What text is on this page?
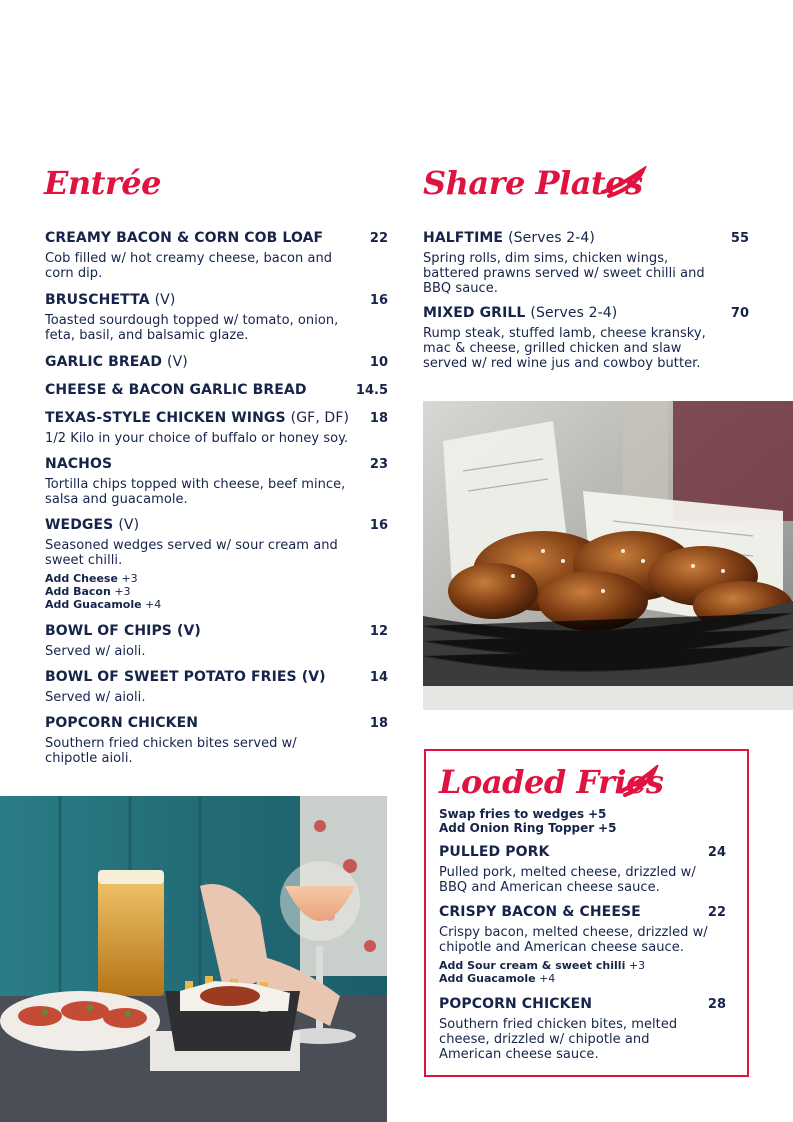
Entrée
CREAMY BACON & CORN COB LOAF	22
Cob filled w/ hot creamy cheese, bacon and corn dip.
BRUSCHETTA (V)	16
Toasted sourdough topped w/ tomato, onion, feta, basil, and balsamic glaze.
GARLIC BREAD (V)	10
CHEESE & BACON GARLIC BREAD	14.5
TEXAS-STYLE CHICKEN WINGS (GF, DF) 18
1/2 Kilo in your choice of buffalo or honey soy.
NACHOS	23
Tortilla chips topped with cheese, beef mince, salsa and guacamole.
WEDGES (V)	16
Seasoned wedges served w/ sour cream and sweet chilli.
Add Cheese +3
Add Bacon +3
Add Guacamole +4
BOWL OF CHIPS (V)	12
Served w/ aioli.
BOWL OF SWEET POTATO FRIES (V)	14
Served w/ aioli.
POPCORN CHICKEN	18
Southern fried chicken bites served w/ chipotle aioli.
Share Plates
HALFTIME (Serves 2-4)	55
Spring rolls, dim sims, chicken wings, battered prawns served w/ sweet chilli and BBQ sauce.
MIXED GRILL (Serves 2-4)	70
Rump steak, stuffed lamb, cheese kransky, mac & cheese, grilled chicken and slaw served w/ red wine jus and cowboy butter.
Loaded Fries
Swap fries to wedges +5
Add Onion Ring Topper +5
PULLED PORK	24
Pulled pork, melted cheese, drizzled w/ BBQ and American cheese sauce.
CRISPY BACON & CHEESE	22
Crispy bacon, melted cheese, drizzled w/ chipotle and American cheese sauce.
Add Sour cream & sweet chilli +3
Add Guacamole +4
POPCORN CHICKEN	28
Southern fried chicken bites, melted cheese, drizzled w/ chipotle and American cheese sauce.
